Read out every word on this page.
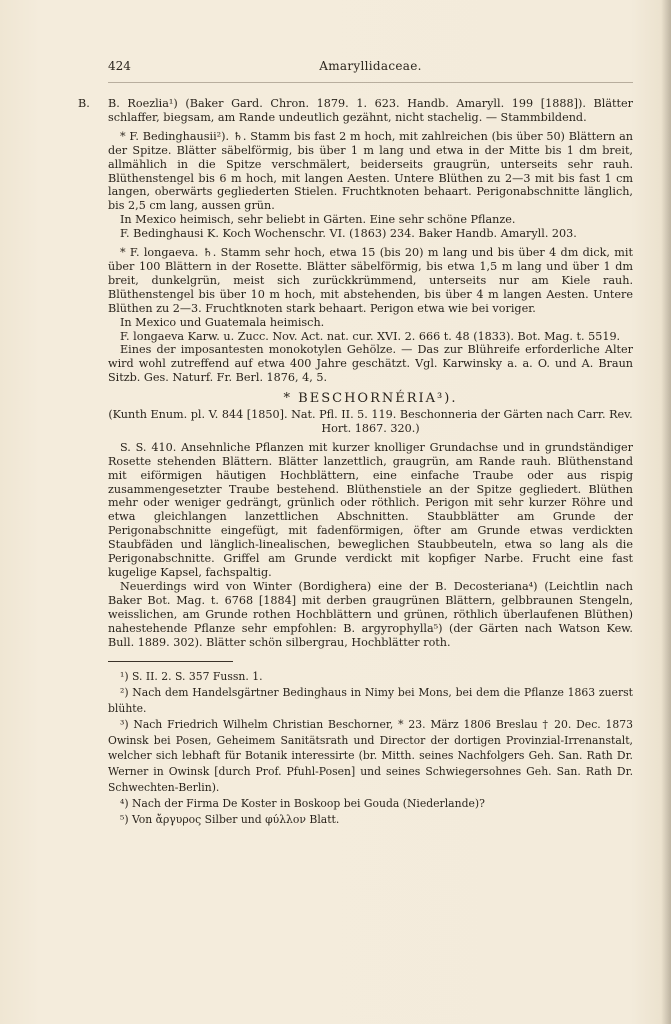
424	Amaryllidaceae.
B. B. Roezlia¹) (Baker Gard. Chron. 1879. 1. 623. Handb. Amaryll. 199 [1888]). Blätter schlaffer, biegsam, am Rande undeutlich gezähnt, nicht stachelig. — Stammbildend.

* F. Bedinghausii²). ♄. Stamm bis fast 2 m hoch, mit zahlreichen (bis über 50) Blättern an der Spitze. Blätter säbelförmig, bis über 1 m lang und etwa in der Mitte bis 1 dm breit, allmählich in die Spitze verschmälert, beiderseits graugrün, unterseits sehr rauh. Blüthenstengel bis 6 m hoch, mit langen Aesten. Untere Blüthen zu 2—3 mit bis fast 1 cm langen, oberwärts gegliederten Stielen. Fruchtknoten behaart. Perigonabschnitte länglich, bis 2,5 cm lang, aussen grün.

In Mexico heimisch, sehr beliebt in Gärten. Eine sehr schöne Pflanze.

F. Bedinghausi K. Koch Wochenschr. VI. (1863) 234. Baker Handb. Amaryll. 203.

* F. longaeva. ♄. Stamm sehr hoch, etwa 15 (bis 20) m lang und bis über 4 dm dick, mit über 100 Blättern in der Rosette. Blätter säbelförmig, bis etwa 1,5 m lang und über 1 dm breit, dunkelgrün, meist sich zurückkrümmend, unterseits nur am Kiele rauh. Blüthenstengel bis über 10 m hoch, mit abstehenden, bis über 4 m langen Aesten. Untere Blüthen zu 2—3. Fruchtknoten stark behaart. Perigon etwa wie bei voriger.

In Mexico und Guatemala heimisch.

F. longaeva Karw. u. Zucc. Nov. Act. nat. cur. XVI. 2. 666 t. 48 (1833). Bot. Mag. t. 5519.

Eines der imposantesten monokotylen Gehölze. — Das zur Blühreife erforderliche Alter wird wohl zutreffend auf etwa 400 Jahre geschätzt. Vgl. Karwinsky a. a. O. und A. Braun Sitzb. Ges. Naturf. Fr. Berl. 1876, 4, 5.

* BESCHORNÉRIA³).

(Kunth Enum. pl. V. 844 [1850]. Nat. Pfl. II. 5. 119. Beschonneria der Gärten nach Carr. Rev. Hort. 1867. 320.)

S. S. 410. Ansehnliche Pflanzen mit kurzer knolliger Grundachse und in grundständiger Rosette stehenden Blättern. Blätter lanzettlich, graugrün, am Rande rauh. Blüthenstand mit eiförmigen häutigen Hochblättern, eine einfache Traube oder aus rispig zusammengesetzter Traube bestehend. Blüthenstiele an der Spitze gegliedert. Blüthen mehr oder weniger gedrängt, grünlich oder röthlich. Perigon mit sehr kurzer Röhre und etwa gleichlangen lanzettlichen Abschnitten. Staubblätter am Grunde der Perigonabschnitte eingefügt, mit fadenförmigen, öfter am Grunde etwas verdickten Staubfäden und länglich-linealischen, beweglichen Staubbeuteln, etwa so lang als die Perigonabschnitte. Griffel am Grunde verdickt mit kopfiger Narbe. Frucht eine fast kugelige Kapsel, fachspaltig.

Neuerdings wird von Winter (Bordighera) eine der B. Decosteriana⁴) (Leichtlin nach Baker Bot. Mag. t. 6768 [1884] mit derben graugrünen Blättern, gelbbraunen Stengeln, weisslichen, am Grunde rothen Hochblättern und grünen, röthlich überlaufenen Blüthen) nahestehende Pflanze sehr empfohlen: B. argyrophylla⁵) (der Gärten nach Watson Kew. Bull. 1889. 302). Blätter schön silbergrau, Hochblätter roth.

¹) S. II. 2. S. 357 Fussn. 1.

²) Nach dem Handelsgärtner Bedinghaus in Nimy bei Mons, bei dem die Pflanze 1863 zuerst blühte.

³) Nach Friedrich Wilhelm Christian Beschorner, * 23. März 1806 Breslau † 20. Dec. 1873 Owinsk bei Posen, Geheimem Sanitätsrath und Director der dortigen Provinzial-Irrenanstalt, welcher sich lebhaft für Botanik interessirte (br. Mitth. seines Nachfolgers Geh. San. Rath Dr. Werner in Owinsk [durch Prof. Pfuhl-Posen] und seines Schwiegersohnes Geh. San. Rath Dr. Schwechten-Berlin).

⁴) Nach der Firma De Koster in Boskoop bei Gouda (Niederlande)?

⁵) Von ἄργυρος Silber und φύλλον Blatt.
